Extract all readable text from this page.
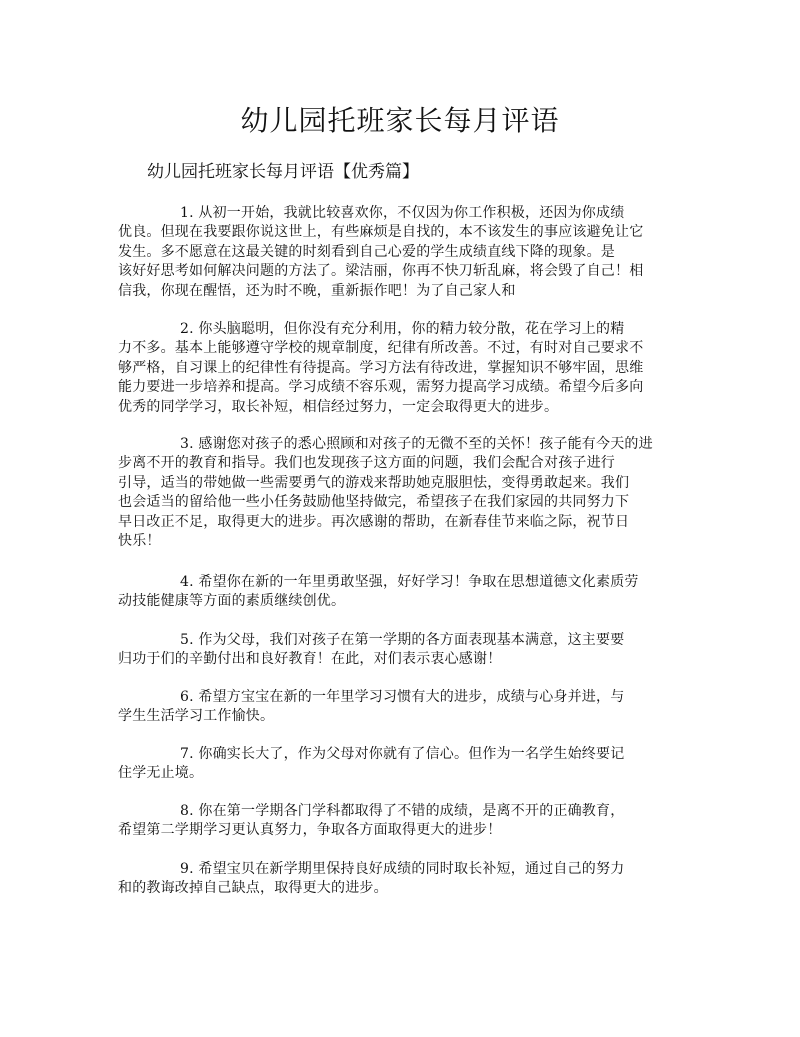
幼儿园托班家长每月评语
幼儿园托班家长每月评语【优秀篇】
1. 从初一开始，我就比较喜欢你，不仅因为你工作积极，还因为你成绩
优良。但现在我要跟你说这世上，有些麻烦是自找的，本不该发生的事应该避免让它
发生。多不愿意在这最关键的时刻看到自己心爱的学生成绩直线下降的现象。是
该好好思考如何解决问题的方法了。梁洁丽，你再不快刀斩乱麻，将会毁了自己！相
信我，你现在醒悟，还为时不晚，重新振作吧！为了自己家人和
2. 你头脑聪明，但你没有充分利用，你的精力较分散，花在学习上的精
力不多。基本上能够遵守学校的规章制度，纪律有所改善。不过，有时对自己要求不
够严格，自习课上的纪律性有待提高。学习方法有待改进，掌握知识不够牢固，思维
能力要进一步培养和提高。学习成绩不容乐观，需努力提高学习成绩。希望今后多向
优秀的同学学习，取长补短，相信经过努力，一定会取得更大的进步。
3. 感谢您对孩子的悉心照顾和对孩子的无微不至的关怀！孩子能有今天的进
步离不开的教育和指导。我们也发现孩子这方面的问题，我们会配合对孩子进行
引导，适当的带她做一些需要勇气的游戏来帮助她克服胆怯，变得勇敢起来。我们
也会适当的留给他一些小任务鼓励他坚持做完，希望孩子在我们家园的共同努力下
早日改正不足，取得更大的进步。再次感谢的帮助，在新春佳节来临之际，祝节日
快乐！
4. 希望你在新的一年里勇敢坚强，好好学习！争取在思想道德文化素质劳
动技能健康等方面的素质继续创优。
5. 作为父母，我们对孩子在第一学期的各方面表现基本满意，这主要要
归功于们的辛勤付出和良好教育！在此，对们表示衷心感谢！
6. 希望方宝宝在新的一年里学习习惯有大的进步，成绩与心身并进，与
学生生活学习工作愉快。
7. 你确实长大了，作为父母对你就有了信心。但作为一名学生始终要记
住学无止境。
8. 你在第一学期各门学科都取得了不错的成绩，是离不开的正确教育，
希望第二学期学习更认真努力，争取各方面取得更大的进步！
9. 希望宝贝在新学期里保持良好成绩的同时取长补短，通过自己的努力
和的教诲改掉自己缺点，取得更大的进步。
